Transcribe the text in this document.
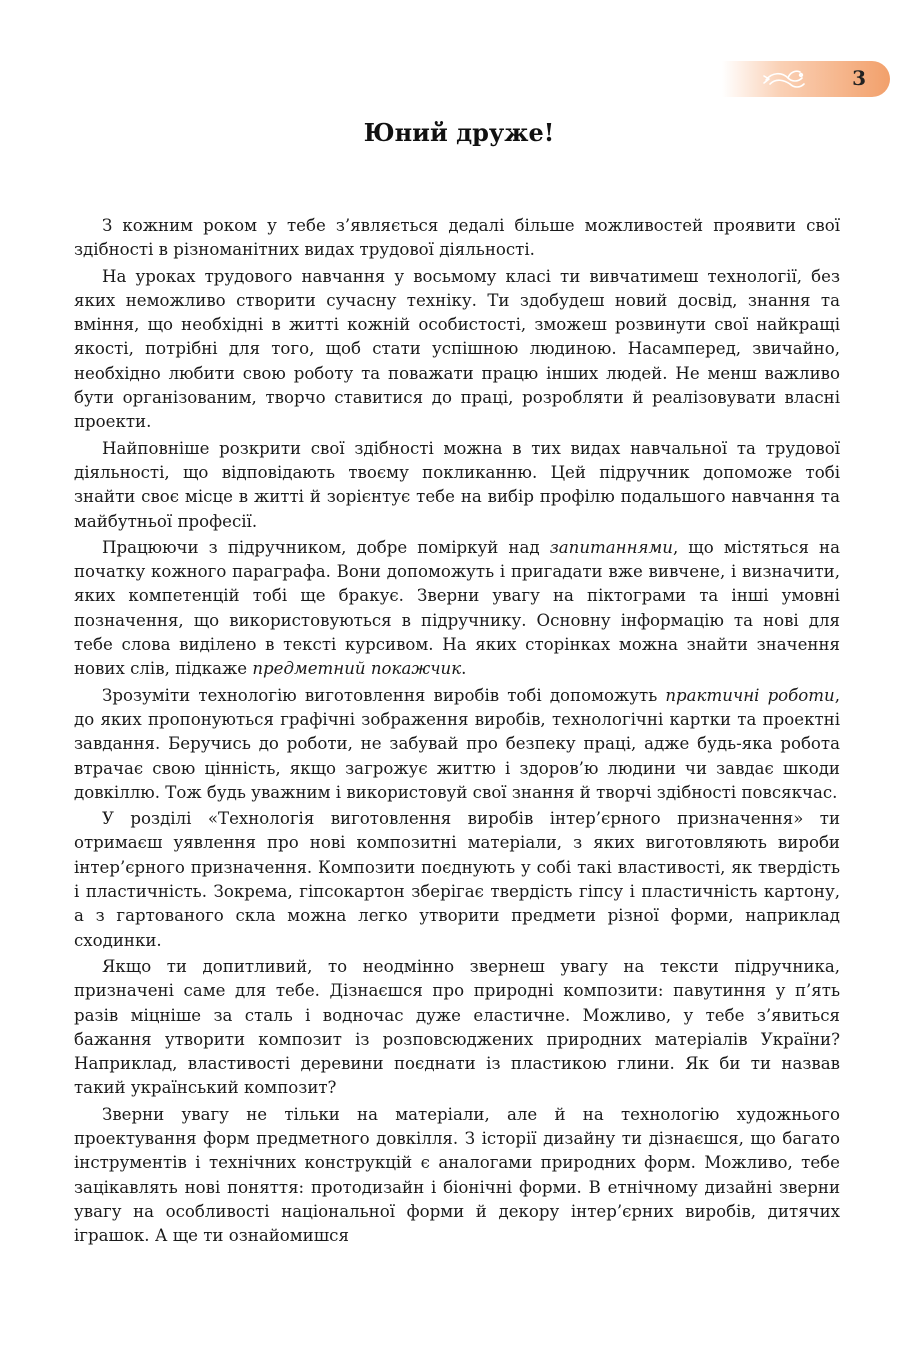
3
Юний друже!

З кожним роком у тебе з’являється дедалі більше можливостей проявити свої здібності в різноманітних видах трудової діяльності.

На уроках трудового навчання у восьмому класі ти вивчатимеш технології, без яких неможливо створити сучасну техніку. Ти здобудеш новий досвід, знання та вміння, що необхідні в житті кожній особистості, зможеш розвинути свої найкращі якості, потрібні для того, щоб стати успішною людиною. Насамперед, звичайно, необхідно любити свою роботу та поважати працю інших людей. Не менш важливо бути організованим, творчо ставитися до праці, розробляти й реалізовувати власні проекти.

Найповніше розкрити свої здібності можна в тих видах навчальної та трудової діяльності, що відповідають твоєму покликанню. Цей підручник допоможе тобі знайти своє місце в житті й зорієнтує тебе на вибір профілю подальшого навчання та майбутньої професії.

Працюючи з підручником, добре поміркуй над запитаннями, що містяться на початку кожного параграфа. Вони допоможуть і пригадати вже вивчене, і визначити, яких компетенцій тобі ще бракує. Зверни увагу на піктограми та інші умовні позначення, що використовуються в підручнику. Основну інформацію та нові для тебе слова виділено в тексті курсивом. На яких сторінках можна знайти значення нових слів, підкаже предметний покажчик.

Зрозуміти технологію виготовлення виробів тобі допоможуть практичні роботи, до яких пропонуються графічні зображення виробів, технологічні картки та проектні завдання. Беручись до роботи, не забувай про безпеку праці, адже будь-яка робота втрачає свою цінність, якщо загрожує життю і здоров’ю людини чи завдає шкоди довкіллю. Тож будь уважним і використовуй свої знання й творчі здібності повсякчас.

У розділі «Технологія виготовлення виробів інтер’єрного призначення» ти отримаєш уявлення про нові композитні матеріали, з яких виготовляють вироби інтер’єрного призначення. Композити поєднують у собі такі властивості, як твердість і пластичність. Зокрема, гіпсокартон зберігає твердість гіпсу і пластичність картону, а з гартованого скла можна легко утворити предмети різної форми, наприклад сходинки.

Якщо ти допитливий, то неодмінно звернеш увагу на тексти підручника, призначені саме для тебе. Дізнаєшся про природні композити: павутиння у п’ять разів міцніше за сталь і водночас дуже еластичне. Можливо, у тебе з’явиться бажання утворити композит із розповсюджених природних матеріалів України? Наприклад, властивості деревини поєднати із пластикою глини. Як би ти назвав такий український композит?

Зверни увагу не тільки на матеріали, але й на технологію художнього проектування форм предметного довкілля. З історії дизайну ти дізнаєшся, що багато інструментів і технічних конструкцій є аналогами природних форм. Можливо, тебе зацікавлять нові поняття: протодизайн і біонічні форми. В етнічному дизайні зверни увагу на особливості національної форми й декору інтер’єрних виробів, дитячих іграшок. А ще ти ознайомишся
